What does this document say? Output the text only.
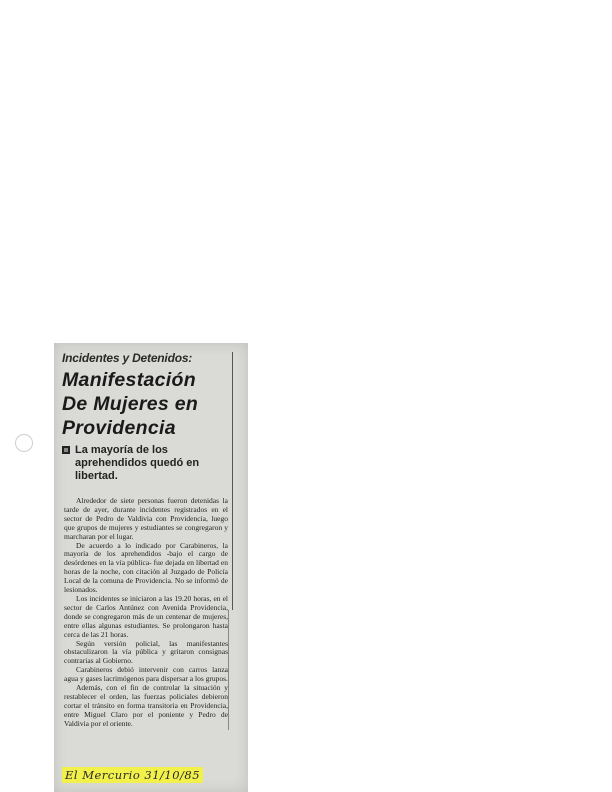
Incidentes y Detenidos:
Manifestación
De Mujeres en
Providencia
La mayoría de los aprehendidos quedó en libertad.

Alrededor de siete personas fueron detenidas la tarde de ayer, durante incidentes registrados en el sector de Pedro de Valdivia con Providencia, luego que grupos de mujeres y estudiantes se congregaron y marcharan por el lugar.

De acuerdo a lo indicado por Carabineros, la mayoría de los aprehendidos -bajo el cargo de desórdenes en la vía pública- fue dejada en libertad en horas de la noche, con citación al Juzgado de Policía Local de la comuna de Providencia. No se informó de lesionados.

Los incidentes se iniciaron a las 19.20 horas, en el sector de Carlos Antúnez con Avenida Providencia, donde se congregaron más de un centenar de mujeres, entre ellas algunas estudiantes. Se prolongaron hasta cerca de las 21 horas.

Según versión policial, las manifestantes obstaculizaron la vía pública y gritaron consignas contrarias al Gobierno.

Carabineros debió intervenir con carros lanza agua y gases lacrimógenos para dispersar a los grupos.

Además, con el fin de controlar la situación y restablecer el orden, las fuerzas policiales debieron cortar el tránsito en forma transitoria en Providencia, entre Miguel Claro por el poniente y Pedro de Valdivia por el oriente.

El Mercurio 31/10/85
